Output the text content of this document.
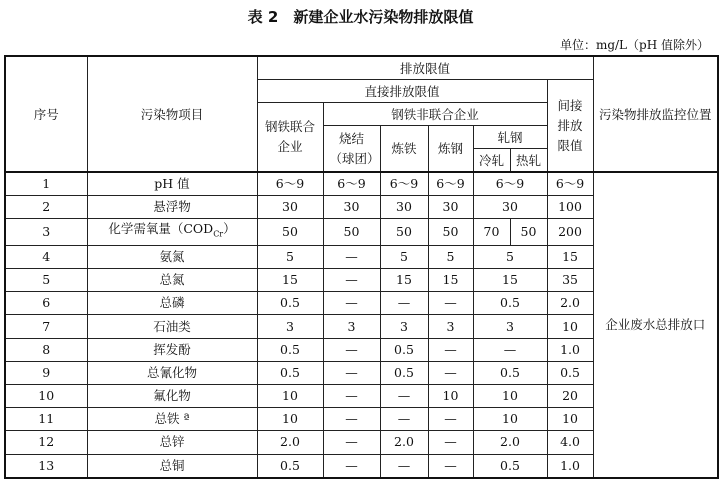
表 2　新建企业水污染物排放限值
单位：mg/L（pH 值除外）
序号	污染物项目	排放限值							污染物排放监控位置
		直接排放限值						间接排放限值	
		钢铁联合企业	钢铁非联合企业						
			烧结（球团）	炼铁	炼钢	轧钢			
						冷轧	热轧		
1	pH 值	6～9	6～9	6～9	6～9	6～9		6～9	企业废水总排放口
2	悬浮物	30	30	30	30	30		100	
3	化学需氧量$(COD_{Cr})$	50	50	50	50	70	50	200	
4	氨氮	5	—	5	5	5		15	
5	总氮	15	—	15	15	15		35	
6	总磷	0.5	—	—	—	0.5		2.0	
7	石油类	3	3	3	3	3		10	
8	挥发酚	0.5	—	0.5	—	—		1.0	
9	总氰化物	0.5	—	0.5	—	0.5		0.5	
10	氟化物	10	—	—	10	10		20	
11	总铁 ª	10	—	—	—	10		10	
12	总锌	2.0	—	2.0	—	2.0		4.0	
13	总铜	0.5	—	—	—	0.5		1.0	
